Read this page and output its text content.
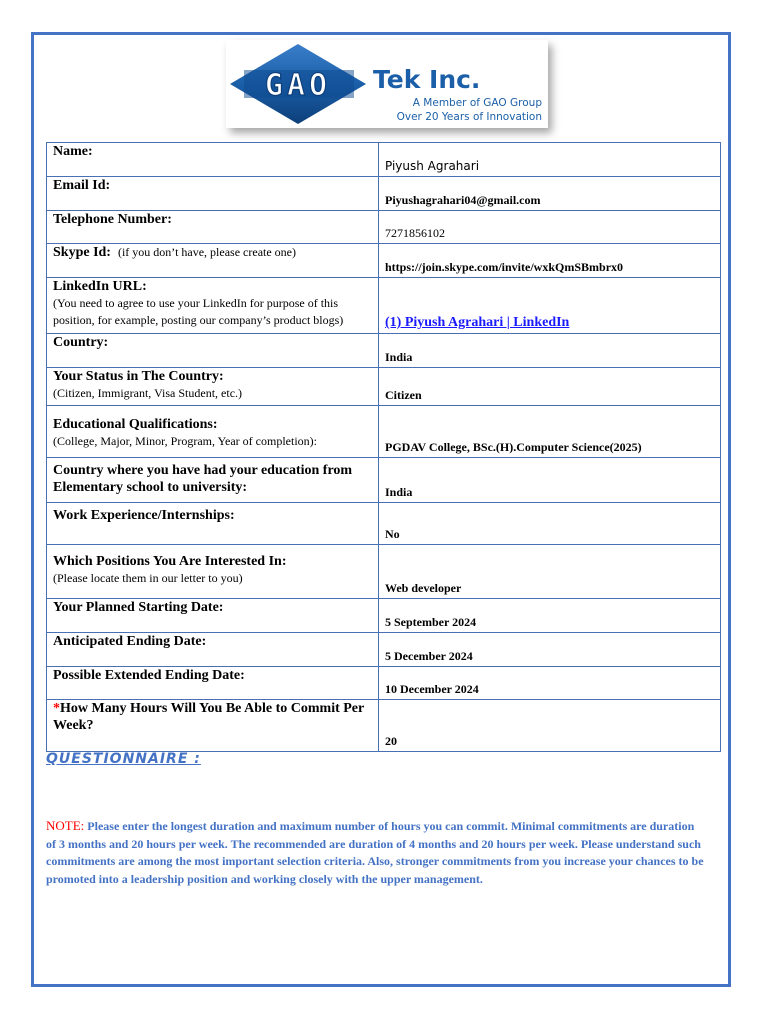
GAO Tek Inc.
A Member of GAO Group
Over 20 Years of Innovation
Name:	Piyush Agrahari

Email Id:	Piyushagrahari04@gmail.com

Telephone Number:	7271856102

Skype Id: (if you don’t have, please create one)	https://join.skype.com/invite/wxkQmSBmbrx0

LinkedIn URL:
(You need to agree to use your LinkedIn for purpose of this position, for example, posting our company’s product blogs)	(1) Piyush Agrahari | LinkedIn

Country:	India

Your Status in The Country:
(Citizen, Immigrant, Visa Student, etc.)	Citizen

Educational Qualifications:
(College, Major, Minor, Program, Year of completion):	PGDAV College, BSc.(H).Computer Science(2025)

Country where you have had your education from Elementary school to university:	India

Work Experience/Internships:	No

Which Positions You Are Interested In:
(Please locate them in our letter to you)	Web developer

Your Planned Starting Date:	5 September 2024

Anticipated Ending Date:	5 December 2024

Possible Extended Ending Date:	10 December 2024

*How Many Hours Will You Be Able to Commit Per Week?	20
QUESTIONNAIRE :
NOTE: Please enter the longest duration and maximum number of hours you can commit. Minimal commitments are duration of 3 months and 20 hours per week. The recommended are duration of 4 months and 20 hours per week. Please understand such commitments are among the most important selection criteria. Also, stronger commitments from you increase your chances to be promoted into a leadership position and working closely with the upper management.
